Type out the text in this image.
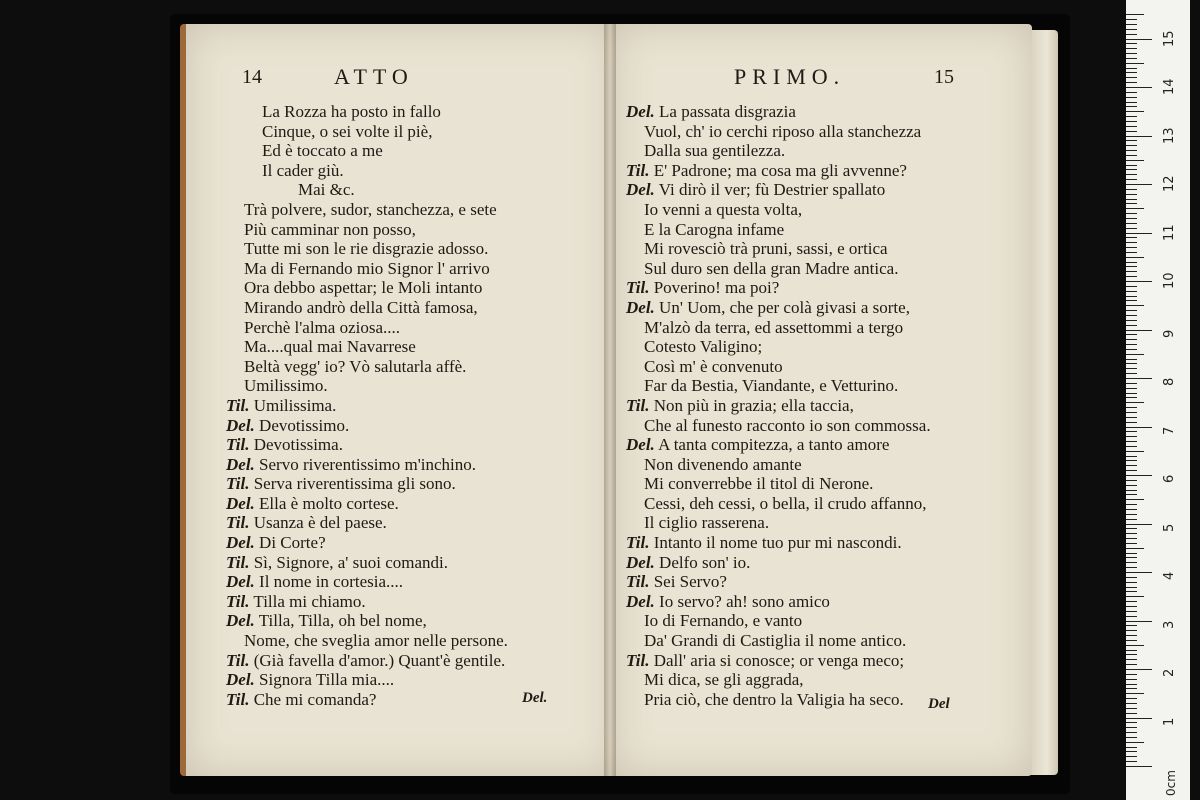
14	ATTO
La Rozza ha posto in fallo
Cinque, o sei volte il piè,
Ed è toccato a me
Il cader giù.
Mai &c.
Trà polvere, sudor, stanchezza, e sete
Più camminar non posso,
Tutte mi son le rie disgrazie adosso.
Ma di Fernando mio Signor l' arrivo
Ora debbo aspettar; le Moli intanto
Mirando andrò della Città famosa,
Perchè l'alma oziosa....
Ma....qual mai Navarrese
Beltà vegg' io? Vò salutarla affè.
Umilissimo.
Til. Umilissima.
Del. Devotissimo.
Til. Devotissima.
Del. Servo riverentissimo m'inchino.
Til. Serva riverentissima gli sono.
Del. Ella è molto cortese.
Til. Usanza è del paese.
Del. Di Corte?
Til. Sì, Signore, a' suoi comandi.
Del. Il nome in cortesia....
Til. Tilla mi chiamo.
Del. Tilla, Tilla, oh bel nome,
Nome, che sveglia amor nelle persone.
Til. (Già favella d'amor.) Quant'è gentile.
Del. Signora Tilla mia....
Til. Che mi comanda?	Del.
PRIMO.	15
Del. La passata disgrazia
Vuol, ch' io cerchi riposo alla stanchezza
Dalla sua gentilezza.
Til. E' Padrone; ma cosa ma gli avvenne?
Del. Vi dirò il ver; fù Destrier spallato
Io venni a questa volta,
E la Carogna infame
Mi rovesciò trà pruni, sassi, e ortica
Sul duro sen della gran Madre antica.
Til. Poverino! ma poi?
Del. Un' Uom, che per colà givasi a sorte,
M'alzò da terra, ed assettommi a tergo
Cotesto Valigino;
Così m' è convenuto
Far da Bestia, Viandante, e Vetturino.
Til. Non più in grazia; ella taccia,
Che al funesto racconto io son commossa.
Del. A tanta compitezza, a tanto amore
Non divenendo amante
Mi converrebbe il titol di Nerone.
Cessi, deh cessi, o bella, il crudo affanno,
Il ciglio rasserena.
Til. Intanto il nome tuo pur mi nascondi.
Del. Delfo son' io.
Til. Sei Servo?
Del. Io servo? ah! sono amico
Io di Fernando, e vanto
Da' Grandi di Castiglia il nome antico.
Til. Dall' aria si conosce; or venga meco;
Mi dica, se gli aggrada,
Pria ciò, che dentro la Valigia ha seco.	Del
0cm
1
2
3
4
5
6
7
8
9
10
11
12
13
14
15
